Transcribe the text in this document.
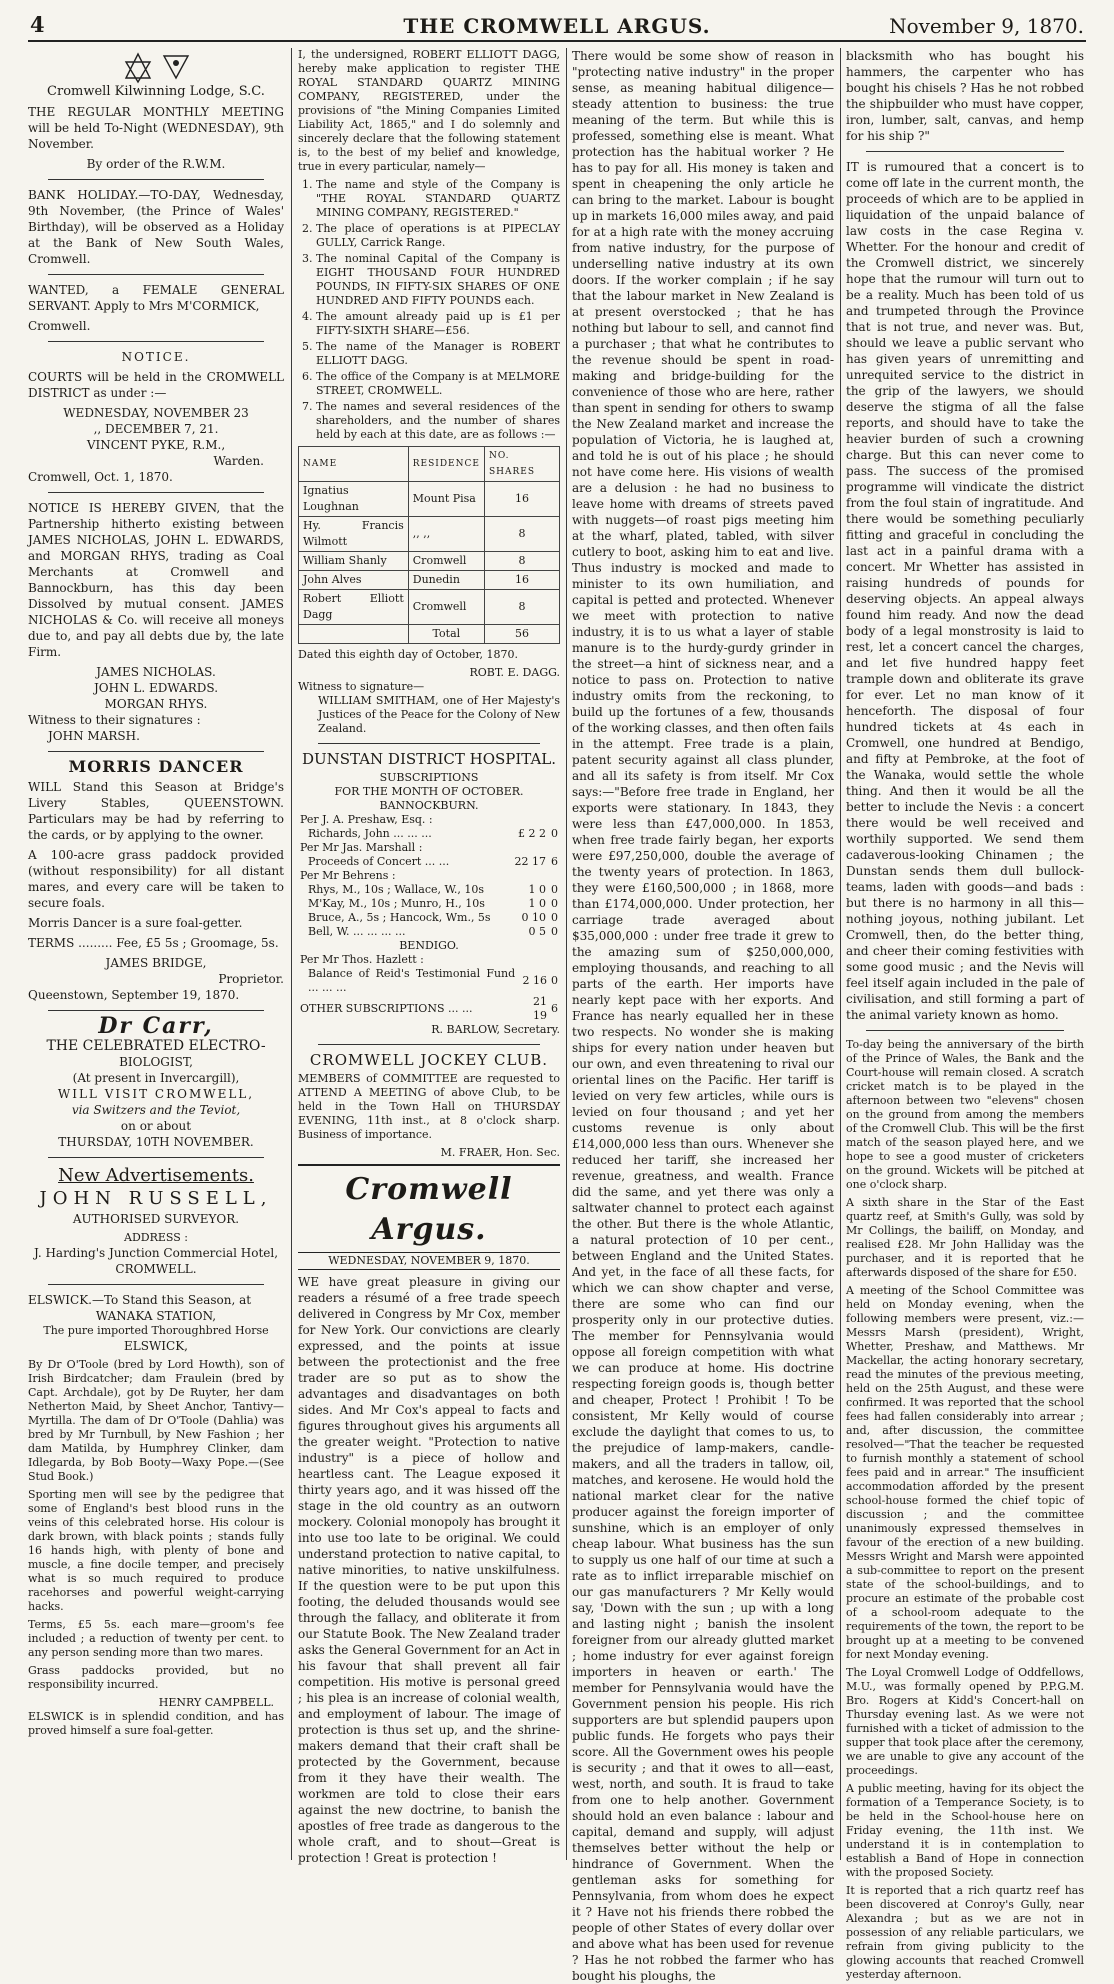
4	THE CROMWELL ARGUS.	November 9, 1870.

Cromwell Kilwinning Lodge, S.C.

THE REGULAR MONTHLY MEETING will be held To-Night (WEDNESDAY), 9th November.

By order of the R.W.M.

BANK HOLIDAY.—TO-DAY, Wednesday, 9th November, (the Prince of Wales' Birthday), will be observed as a Holiday at the Bank of New South Wales, Cromwell.

WANTED, a FEMALE GENERAL SERVANT. Apply to Mrs M'CORMICK,

Cromwell.

NOTICE.

COURTS will be held in the CROMWELL DISTRICT as under :—

WEDNESDAY, NOVEMBER 23

,, DECEMBER 7, 21.

VINCENT PYKE, R.M.,

Warden.

Cromwell, Oct. 1, 1870.

NOTICE IS HEREBY GIVEN, that the Partnership hitherto existing between JAMES NICHOLAS, JOHN L. EDWARDS, and MORGAN RHYS, trading as Coal Merchants at Cromwell and Bannockburn, has this day been Dissolved by mutual consent. JAMES NICHOLAS & Co. will receive all moneys due to, and pay all debts due by, the late Firm.

JAMES NICHOLAS.

JOHN L. EDWARDS.

MORGAN RHYS.

Witness to their signatures :

JOHN MARSH.

MORRIS DANCER

WILL Stand this Season at Bridge's Livery Stables, QUEENSTOWN. Particulars may be had by referring to the cards, or by applying to the owner.

A 100-acre grass paddock provided (without responsibility) for all distant mares, and every care will be taken to secure foals.

Morris Dancer is a sure foal-getter.

TERMS ......... Fee, £5 5s ; Groomage, 5s.

JAMES BRIDGE,

Proprietor.

Queenstown, September 19, 1870.

Dr Carr,

THE CELEBRATED ELECTRO-

BIOLOGIST,

(At present in Invercargill),

WILL VISIT CROMWELL,

via Switzers and the Teviot,

on or about

THURSDAY, 10TH NOVEMBER.

New Advertisements.

JOHN RUSSELL,

AUTHORISED SURVEYOR.

ADDRESS :

J. Harding's Junction Commercial Hotel,

CROMWELL.

ELSWICK.—To Stand this Season, at

WANAKA STATION,

The pure imported Thoroughbred Horse

ELSWICK,

By Dr O'Toole (bred by Lord Howth), son of Irish Birdcatcher; dam Fraulein (bred by Capt. Archdale), got by De Ruyter, her dam Netherton Maid, by Sheet Anchor, Tantivy—Myrtilla. The dam of Dr O'Toole (Dahlia) was bred by Mr Turnbull, by New Fashion ; her dam Matilda, by Humphrey Clinker, dam Idlegarda, by Bob Booty—Waxy Pope.—(See Stud Book.)

Sporting men will see by the pedigree that some of England's best blood runs in the veins of this celebrated horse. His colour is dark brown, with black points ; stands fully 16 hands high, with plenty of bone and muscle, a fine docile temper, and precisely what is so much required to produce racehorses and powerful weight-carrying hacks.

Terms, £5 5s. each mare—groom's fee included ; a reduction of twenty per cent. to any person sending more than two mares.

Grass paddocks provided, but no responsibility incurred.

HENRY CAMPBELL.

ELSWICK is in splendid condition, and has proved himself a sure foal-getter.

I, the undersigned, ROBERT ELLIOTT DAGG, hereby make application to register THE ROYAL STANDARD QUARTZ MINING COMPANY, REGISTERED, under the provisions of "the Mining Companies Limited Liability Act, 1865," and I do solemnly and sincerely declare that the following statement is, to the best of my belief and knowledge, true in every particular, namely—

1. The name and style of the Company is "THE ROYAL STANDARD QUARTZ MINING COMPANY, REGISTERED."
2. The place of operations is at PIPECLAY GULLY, Carrick Range.
3. The nominal Capital of the Company is EIGHT THOUSAND FOUR HUNDRED POUNDS, IN FIFTY-SIX SHARES OF ONE HUNDRED AND FIFTY POUNDS each.
4. The amount already paid up is £1 per FIFTY-SIXTH SHARE—£56.
5. The name of the Manager is ROBERT ELLIOTT DAGG.
6. The office of the Company is at MELMORE STREET, CROMWELL.
7. The names and several residences of the shareholders, and the number of shares held by each at this date, are as follows :—
NAME	RESIDENCE	NO. SHARES
Ignatius Loughnan	Mount Pisa	16
Hy. Francis Wilmott	,, ,,	8
William Shanly	Cromwell	8
John Alves	Dunedin	16
Robert Elliott Dagg	Cromwell	8
	Total	56

Dated this eighth day of October, 1870.

ROBT. E. DAGG.

Witness to signature—

WILLIAM SMITHAM, one of Her Majesty's Justices of the Peace for the Colony of New Zealand.

DUNSTAN DISTRICT HOSPITAL.

SUBSCRIPTIONS

FOR THE MONTH OF OCTOBER.

BANNOCKBURN.

Per J. A. Preshaw, Esq. :		
Richards, John ... ... ...	£ 2 2	0
Per Mr Jas. Marshall :		
Proceeds of Concert ... ...	22 17	6
Per Mr Behrens :		
Rhys, M., 10s ; Wallace, W., 10s	1 0	0
M'Kay, M., 10s ; Munro, H., 10s	1 0	0
Bruce, A., 5s ; Hancock, Wm., 5s	0 10	0
Bell, W. ... ... ... ...	0 5	0

BENDIGO.

Per Mr Thos. Hazlett :		
Balance of Reid's Testimonial Fund ... ... ...	2 16	0
OTHER SUBSCRIPTIONS ... ...	21 19	6

R. BARLOW, Secretary.

CROMWELL JOCKEY CLUB.

MEMBERS of COMMITTEE are requested to ATTEND A MEETING of above Club, to be held in the Town Hall on THURSDAY EVENING, 11th inst., at 8 o'clock sharp. Business of importance.

M. FRAER, Hon. Sec.

Cromwell Argus.

WEDNESDAY, NOVEMBER 9, 1870.

WE have great pleasure in giving our readers a résumé of a free trade speech delivered in Congress by Mr Cox, member for New York. Our convictions are clearly expressed, and the points at issue between the protectionist and the free trader are so put as to show the advantages and disadvantages on both sides. And Mr Cox's appeal to facts and figures throughout gives his arguments all the greater weight. "Protection to native industry" is a piece of hollow and heartless cant. The League exposed it thirty years ago, and it was hissed off the stage in the old country as an outworn mockery. Colonial monopoly has brought it into use too late to be original. We could understand protection to native capital, to native minorities, to native unskilfulness. If the question were to be put upon this footing, the deluded thousands would see through the fallacy, and obliterate it from our Statute Book. The New Zealand trader asks the General Government for an Act in his favour that shall prevent all fair competition. His motive is personal greed ; his plea is an increase of colonial wealth, and employment of labour. The image of protection is thus set up, and the shrine-makers demand that their craft shall be protected by the Government, because from it they have their wealth. The workmen are told to close their ears against the new doctrine, to banish the apostles of free trade as dangerous to the whole craft, and to shout—Great is protection ! Great is protection !

There would be some show of reason in "protecting native industry" in the proper sense, as meaning habitual diligence—steady attention to business: the true meaning of the term. But while this is professed, something else is meant. What protection has the habitual worker ? He has to pay for all. His money is taken and spent in cheapening the only article he can bring to the market. Labour is bought up in markets 16,000 miles away, and paid for at a high rate with the money accruing from native industry, for the purpose of underselling native industry at its own doors. If the worker complain ; if he say that the labour market in New Zealand is at present overstocked ; that he has nothing but labour to sell, and cannot find a purchaser ; that what he contributes to the revenue should be spent in road-making and bridge-building for the convenience of those who are here, rather than spent in sending for others to swamp the New Zealand market and increase the population of Victoria, he is laughed at, and told he is out of his place ; he should not have come here. His visions of wealth are a delusion : he had no business to leave home with dreams of streets paved with nuggets—of roast pigs meeting him at the wharf, plated, tabled, with silver cutlery to boot, asking him to eat and live. Thus industry is mocked and made to minister to its own humiliation, and capital is petted and protected. Whenever we meet with protection to native industry, it is to us what a layer of stable manure is to the hurdy-gurdy grinder in the street—a hint of sickness near, and a notice to pass on. Protection to native industry omits from the reckoning, to build up the fortunes of a few, thousands of the working classes, and then often fails in the attempt. Free trade is a plain, patent security against all class plunder, and all its safety is from itself. Mr Cox says:—"Before free trade in England, her exports were stationary. In 1843, they were less than £47,000,000. In 1853, when free trade fairly began, her exports were £97,250,000, double the average of the twenty years of protection. In 1863, they were £160,500,000 ; in 1868, more than £174,000,000. Under protection, her carriage trade averaged about $35,000,000 : under free trade it grew to the amazing sum of $250,000,000, employing thousands, and reaching to all parts of the earth. Her imports have nearly kept pace with her exports. And France has nearly equalled her in these two respects. No wonder she is making ships for every nation under heaven but our own, and even threatening to rival our oriental lines on the Pacific. Her tariff is levied on very few articles, while ours is levied on four thousand ; and yet her customs revenue is only about £14,000,000 less than ours. Whenever she reduced her tariff, she increased her revenue, greatness, and wealth. France did the same, and yet there was only a saltwater channel to protect each against the other. But there is the whole Atlantic, a natural protection of 10 per cent., between England and the United States. And yet, in the face of all these facts, for which we can show chapter and verse, there are some who can find our prosperity only in our protective duties. The member for Pennsylvania would oppose all foreign competition with what we can produce at home. His doctrine respecting foreign goods is, though better and cheaper, Protect ! Prohibit ! To be consistent, Mr Kelly would of course exclude the daylight that comes to us, to the prejudice of lamp-makers, candle-makers, and all the traders in tallow, oil, matches, and kerosene. He would hold the national market clear for the native producer against the foreign importer of sunshine, which is an employer of only cheap labour. What business has the sun to supply us one half of our time at such a rate as to inflict irreparable mischief on our gas manufacturers ? Mr Kelly would say, 'Down with the sun ; up with a long and lasting night ; banish the insolent foreigner from our already glutted market ; home industry for ever against foreign importers in heaven or earth.' The member for Pennsylvania would have the Government pension his people. His rich supporters are but splendid paupers upon public funds. He forgets who pays their score. All the Government owes his people is security ; and that it owes to all—east, west, north, and south. It is fraud to take from one to help another. Government should hold an even balance : labour and capital, demand and supply, will adjust themselves better without the help or hindrance of Government. When the gentleman asks for something for Pennsylvania, from whom does he expect it ? Have not his friends there robbed the people of other States of every dollar over and above what has been used for revenue ? Has he not robbed the farmer who has bought his ploughs, the

blacksmith who has bought his hammers, the carpenter who has bought his chisels ? Has he not robbed the shipbuilder who must have copper, iron, lumber, salt, canvas, and hemp for his ship ?"

IT is rumoured that a concert is to come off late in the current month, the proceeds of which are to be applied in liquidation of the unpaid balance of law costs in the case Regina v. Whetter. For the honour and credit of the Cromwell district, we sincerely hope that the rumour will turn out to be a reality. Much has been told of us and trumpeted through the Province that is not true, and never was. But, should we leave a public servant who has given years of unremitting and unrequited service to the district in the grip of the lawyers, we should deserve the stigma of all the false reports, and should have to take the heavier burden of such a crowning charge. But this can never come to pass. The success of the promised programme will vindicate the district from the foul stain of ingratitude. And there would be something peculiarly fitting and graceful in concluding the last act in a painful drama with a concert. Mr Whetter has assisted in raising hundreds of pounds for deserving objects. An appeal always found him ready. And now the dead body of a legal monstrosity is laid to rest, let a concert cancel the charges, and let five hundred happy feet trample down and obliterate its grave for ever. Let no man know of it henceforth. The disposal of four hundred tickets at 4s each in Cromwell, one hundred at Bendigo, and fifty at Pembroke, at the foot of the Wanaka, would settle the whole thing. And then it would be all the better to include the Nevis : a concert there would be well received and worthily supported. We send them cadaverous-looking Chinamen ; the Dunstan sends them dull bullock-teams, laden with goods—and bads : but there is no harmony in all this—nothing joyous, nothing jubilant. Let Cromwell, then, do the better thing, and cheer their coming festivities with some good music ; and the Nevis will feel itself again included in the pale of civilisation, and still forming a part of the animal variety known as homo.

To-day being the anniversary of the birth of the Prince of Wales, the Bank and the Court-house will remain closed. A scratch cricket match is to be played in the afternoon between two "elevens" chosen on the ground from among the members of the Cromwell Club. This will be the first match of the season played here, and we hope to see a good muster of cricketers on the ground. Wickets will be pitched at one o'clock sharp.

A sixth share in the Star of the East quartz reef, at Smith's Gully, was sold by Mr Collings, the bailiff, on Monday, and realised £28. Mr John Halliday was the purchaser, and it is reported that he afterwards disposed of the share for £50.

A meeting of the School Committee was held on Monday evening, when the following members were present, viz.:—Messrs Marsh (president), Wright, Whetter, Preshaw, and Matthews. Mr Mackellar, the acting honorary secretary, read the minutes of the previous meeting, held on the 25th August, and these were confirmed. It was reported that the school fees had fallen considerably into arrear ; and, after discussion, the committee resolved—"That the teacher be requested to furnish monthly a statement of school fees paid and in arrear." The insufficient accommodation afforded by the present school-house formed the chief topic of discussion ; and the committee unanimously expressed themselves in favour of the erection of a new building. Messrs Wright and Marsh were appointed a sub-committee to report on the present state of the school-buildings, and to procure an estimate of the probable cost of a school-room adequate to the requirements of the town, the report to be brought up at a meeting to be convened for next Monday evening.

The Loyal Cromwell Lodge of Oddfellows, M.U., was formally opened by P.P.G.M. Bro. Rogers at Kidd's Concert-hall on Thursday evening last. As we were not furnished with a ticket of admission to the supper that took place after the ceremony, we are unable to give any account of the proceedings.

A public meeting, having for its object the formation of a Temperance Society, is to be held in the School-house here on Friday evening, the 11th inst. We understand it is in contemplation to establish a Band of Hope in connection with the proposed Society.

It is reported that a rich quartz reef has been discovered at Conroy's Gully, near Alexandra ; but as we are not in possession of any reliable particulars, we refrain from giving publicity to the glowing accounts that reached Cromwell yesterday afternoon.
